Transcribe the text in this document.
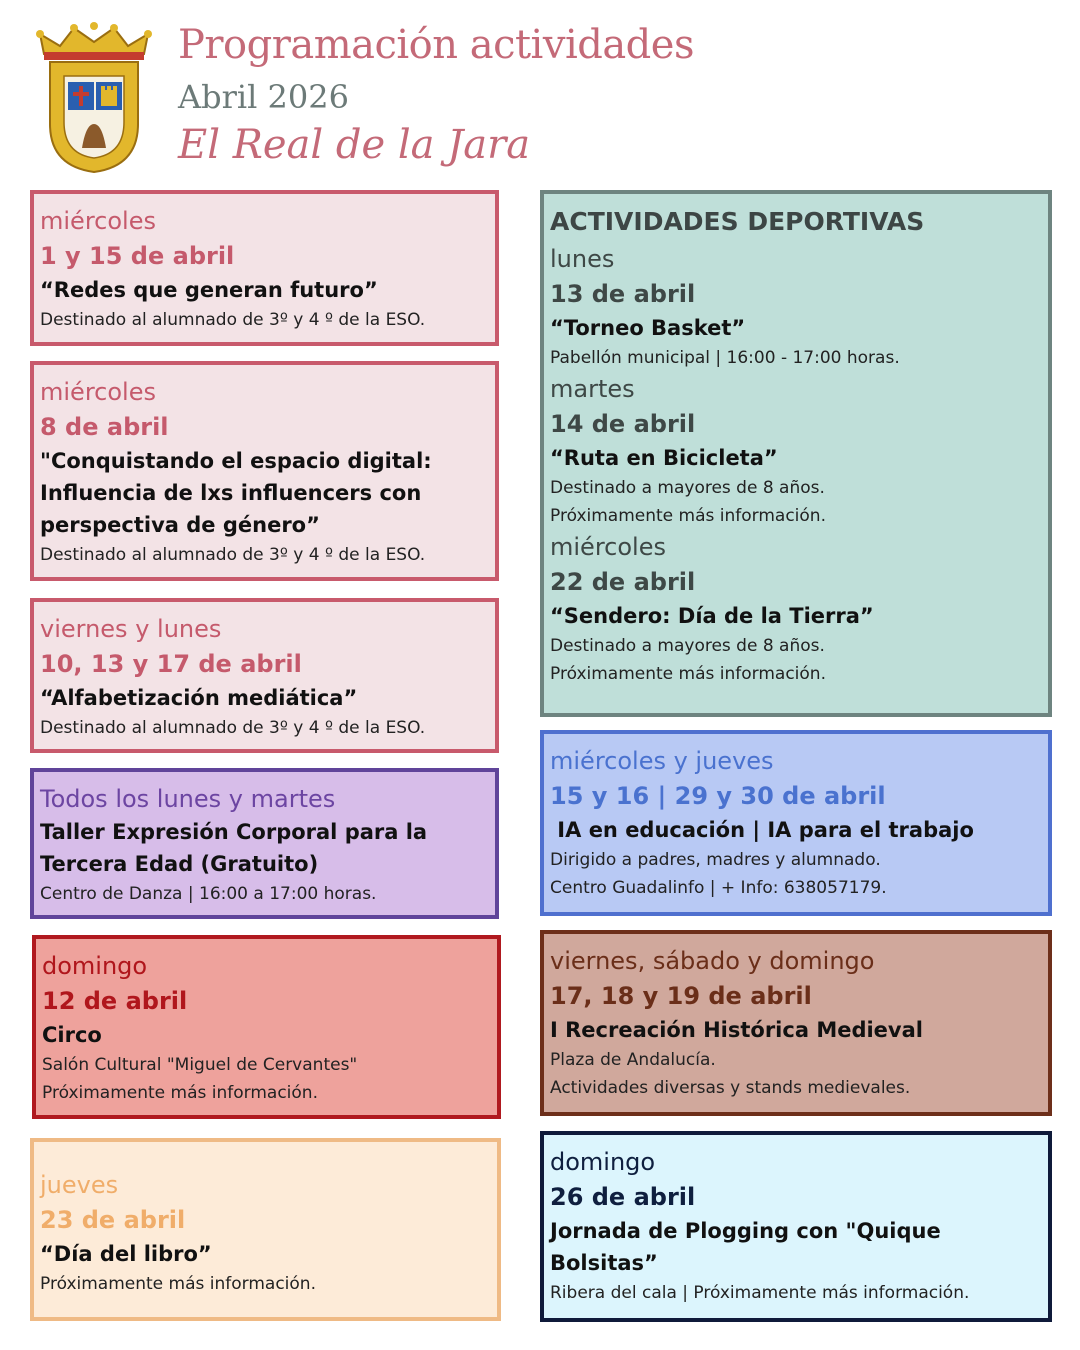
Programación actividades
Abril 2026
El Real de la Jara
miércoles
1 y 15 de abril
“Redes que generan futuro”
Destinado al alumnado de 3º y 4 º de la ESO.
miércoles
8 de abril
"Conquistando el espacio digital:
Influencia de lxs influencers con
perspectiva de género”
Destinado al alumnado de 3º y 4 º de la ESO.
viernes y lunes
10, 13 y 17 de abril
“Alfabetización mediática”
Destinado al alumnado de 3º y 4 º de la ESO.
Todos los lunes y martes
Taller Expresión Corporal para la
Tercera Edad (Gratuito)
Centro de Danza | 16:00 a 17:00 horas.
domingo
12 de abril
Circo
Salón Cultural "Miguel de Cervantes"
Próximamente más información.
jueves
23 de abril
“Día del libro”
Próximamente más información.
ACTIVIDADES DEPORTIVAS
lunes
13 de abril
“Torneo Basket”
Pabellón municipal | 16:00 - 17:00 horas.
martes
14 de abril
“Ruta en Bicicleta”
Destinado a mayores de 8 años.
Próximamente más información.
miércoles
22 de abril
“Sendero: Día de la Tierra”
Destinado a mayores de 8 años.
Próximamente más información.
miércoles y jueves
15 y 16 | 29 y 30 de abril
IA en educación | IA para el trabajo
Dirigido a padres, madres y alumnado.
Centro Guadalinfo | + Info: 638057179.
viernes, sábado y domingo
17, 18 y 19 de abril
I Recreación Histórica Medieval
Plaza de Andalucía.
Actividades diversas y stands medievales.
domingo
26 de abril
Jornada de Plogging con "Quique
Bolsitas”
Ribera del cala | Próximamente más información.
